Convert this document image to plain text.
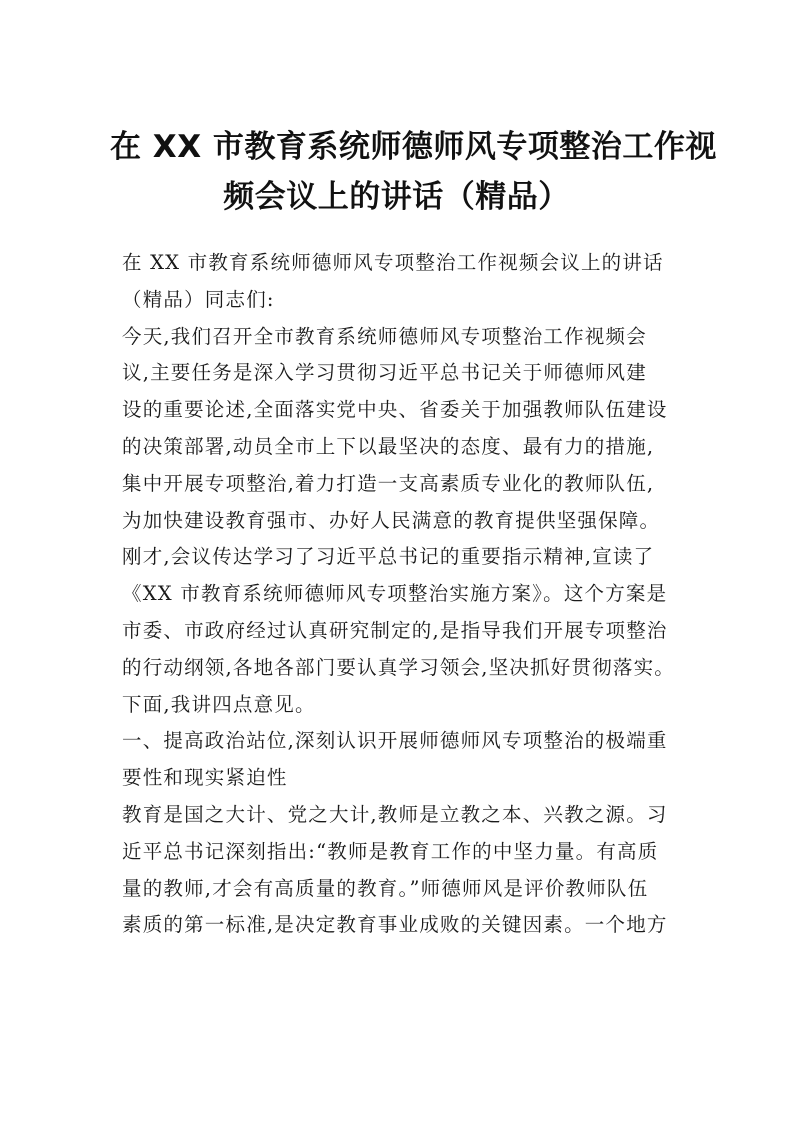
在 XX 市教育系统师德师风专项整治工作视
频会议上的讲话（精品）
在 XX 市教育系统师德师风专项整治工作视频会议上的讲话
（精品）同志们:
今天,我们召开全市教育系统师德师风专项整治工作视频会
议,主要任务是深入学习贯彻习近平总书记关于师德师风建
设的重要论述,全面落实党中央、省委关于加强教师队伍建设
的决策部署,动员全市上下以最坚决的态度、最有力的措施,
集中开展专项整治,着力打造一支高素质专业化的教师队伍,
为加快建设教育强市、办好人民满意的教育提供坚强保障。
刚才,会议传达学习了习近平总书记的重要指示精神,宣读了
《XX 市教育系统师德师风专项整治实施方案》。这个方案是
市委、市政府经过认真研究制定的,是指导我们开展专项整治
的行动纲领,各地各部门要认真学习领会,坚决抓好贯彻落实。
下面,我讲四点意见。
一、提高政治站位,深刻认识开展师德师风专项整治的极端重
要性和现实紧迫性
教育是国之大计、党之大计,教师是立教之本、兴教之源。习
近平总书记深刻指出:“教师是教育工作的中坚力量。有高质
量的教师,才会有高质量的教育。”师德师风是评价教师队伍
素质的第一标准,是决定教育事业成败的关键因素。一个地方
